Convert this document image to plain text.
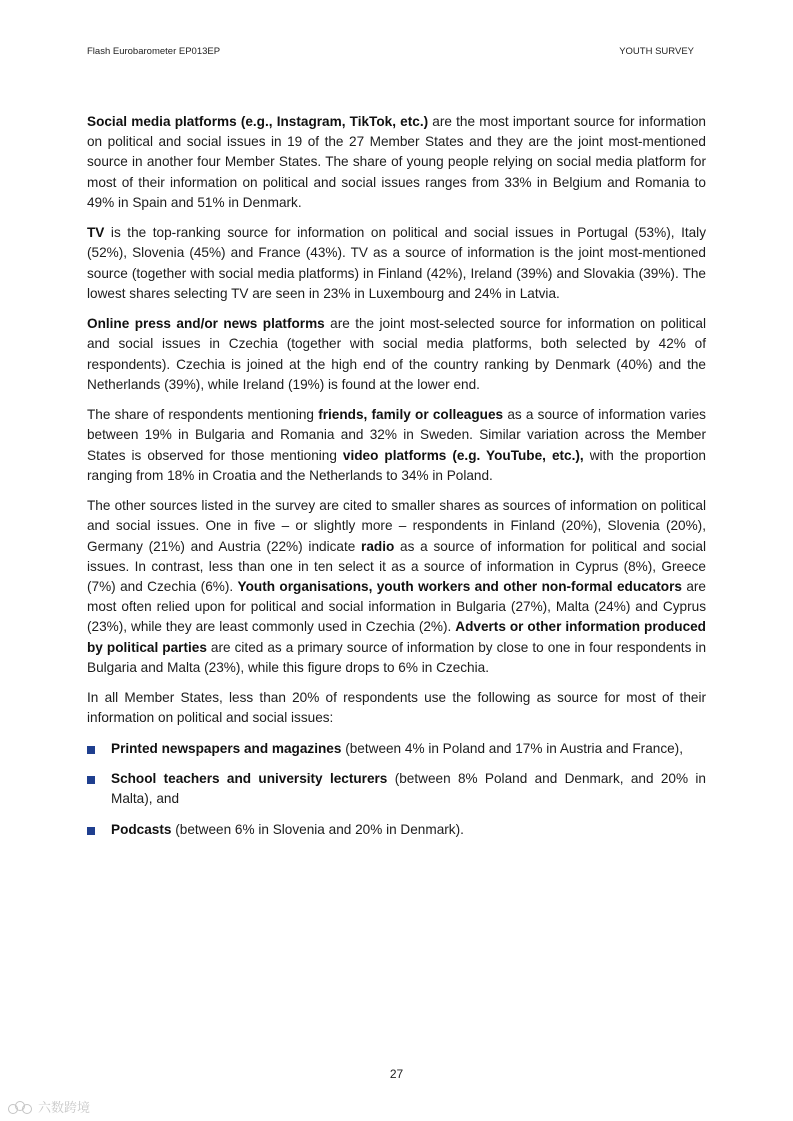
Flash Eurobarometer EP013EP	YOUTH SURVEY

Social media platforms (e.g., Instagram, TikTok, etc.) are the most important source for information on political and social issues in 19 of the 27 Member States and they are the joint most-mentioned source in another four Member States. The share of young people relying on social media platform for most of their information on political and social issues ranges from 33% in Belgium and Romania to 49% in Spain and 51% in Denmark.

TV is the top-ranking source for information on political and social issues in Portugal (53%), Italy (52%), Slovenia (45%) and France (43%). TV as a source of information is the joint most-mentioned source (together with social media platforms) in Finland (42%), Ireland (39%) and Slovakia (39%). The lowest shares selecting TV are seen in 23% in Luxembourg and 24% in Latvia.

Online press and/or news platforms are the joint most-selected source for information on political and social issues in Czechia (together with social media platforms, both selected by 42% of respondents). Czechia is joined at the high end of the country ranking by Denmark (40%) and the Netherlands (39%), while Ireland (19%) is found at the lower end.

The share of respondents mentioning friends, family or colleagues as a source of information varies between 19% in Bulgaria and Romania and 32% in Sweden. Similar variation across the Member States is observed for those mentioning video platforms (e.g. YouTube, etc.), with the proportion ranging from 18% in Croatia and the Netherlands to 34% in Poland.

The other sources listed in the survey are cited to smaller shares as sources of information on political and social issues. One in five – or slightly more – respondents in Finland (20%), Slovenia (20%), Germany (21%) and Austria (22%) indicate radio as a source of information for political and social issues. In contrast, less than one in ten select it as a source of information in Cyprus (8%), Greece (7%) and Czechia (6%). Youth organisations, youth workers and other non-formal educators are most often relied upon for political and social information in Bulgaria (27%), Malta (24%) and Cyprus (23%), while they are least commonly used in Czechia (2%). Adverts or other information produced by political parties are cited as a primary source of information by close to one in four respondents in Bulgaria and Malta (23%), while this figure drops to 6% in Czechia.

In all Member States, less than 20% of respondents use the following as source for most of their information on political and social issues:

Printed newspapers and magazines (between 4% in Poland and 17% in Austria and France),
School teachers and university lecturers (between 8% Poland and Denmark, and 20% in Malta), and
Podcasts (between 6% in Slovenia and 20% in Denmark).
27
六数跨境
